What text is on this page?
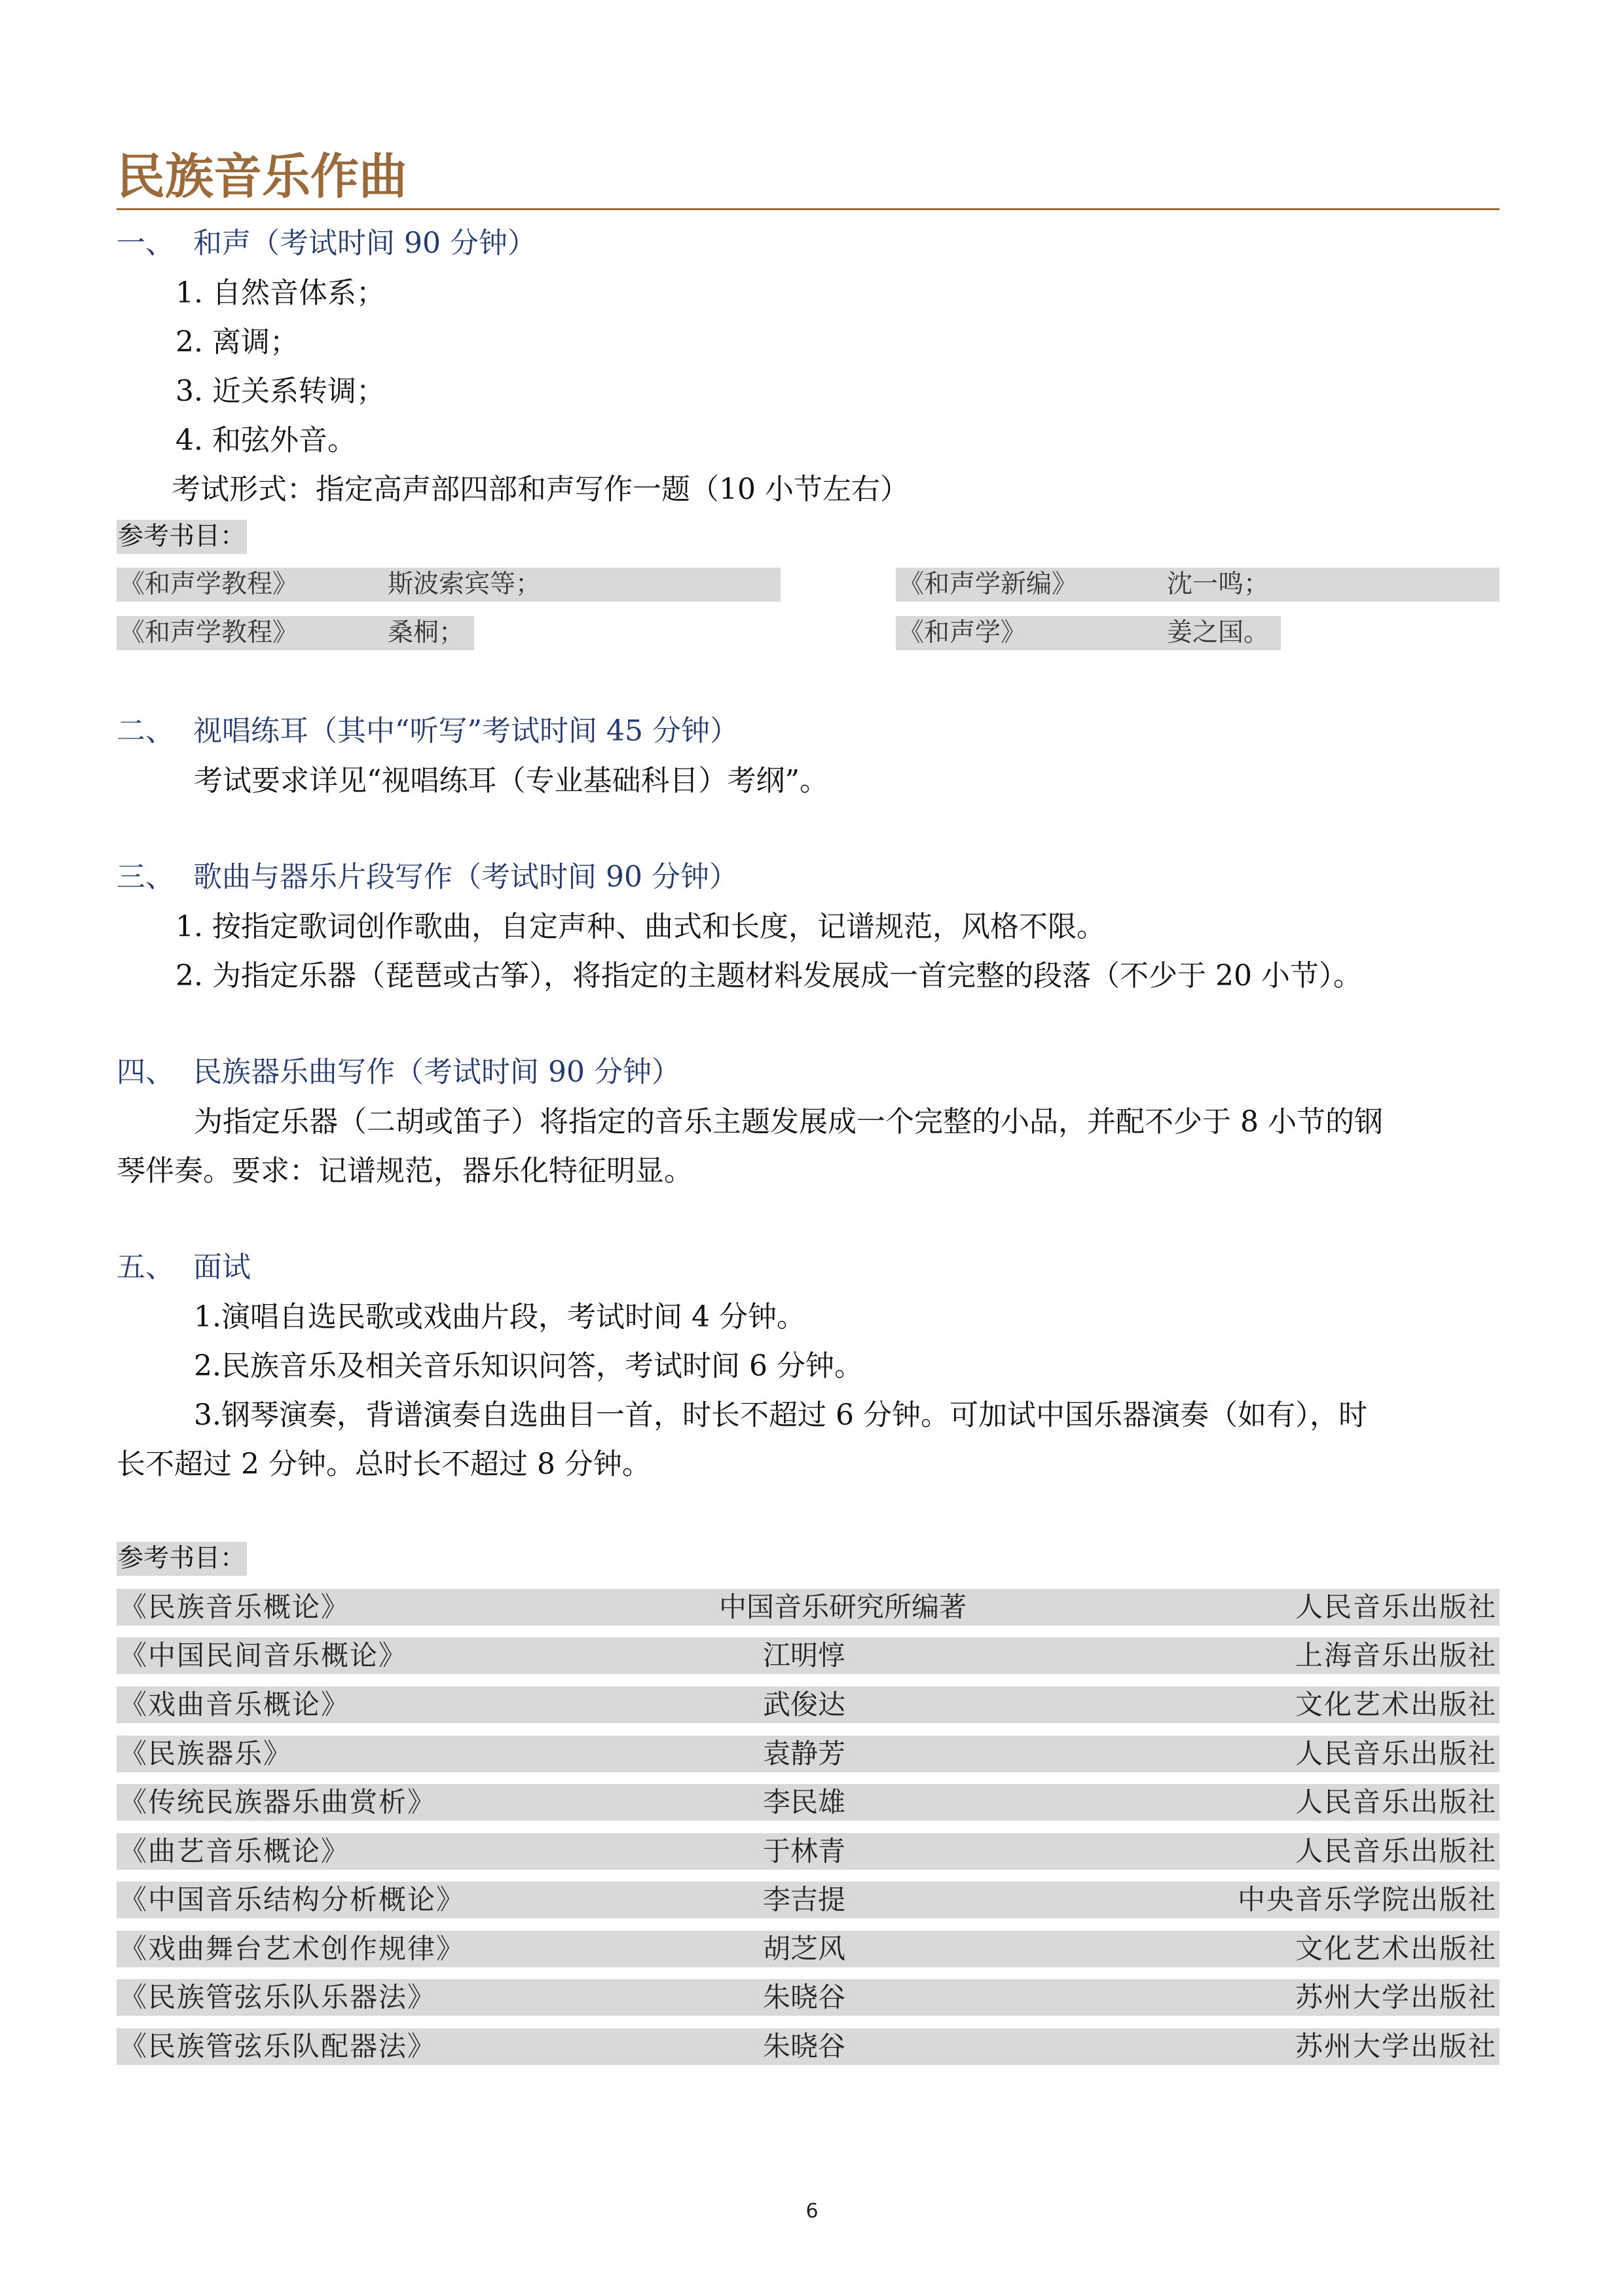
民族音乐作曲
一、 和声（考试时间 90 分钟）
1. 自然音体系；
2. 离调；
3. 近关系转调；
4. 和弦外音。
考试形式：指定高声部四部和声写作一题（10 小节左右）
参考书目：
《和声学教程》	斯波索宾等；	《和声学新编》	沈一鸣；
《和声学教程》	桑桐；	《和声学》	姜之国。
二、 视唱练耳（其中“听写”考试时间 45 分钟）
考试要求详见“视唱练耳（专业基础科目）考纲”。
三、 歌曲与器乐片段写作（考试时间 90 分钟）
1. 按指定歌词创作歌曲，自定声种、曲式和长度，记谱规范，风格不限。
2. 为指定乐器（琵琶或古筝），将指定的主题材料发展成一首完整的段落（不少于 20 小节）。
四、 民族器乐曲写作（考试时间 90 分钟）
为指定乐器（二胡或笛子）将指定的音乐主题发展成一个完整的小品，并配不少于 8 小节的钢
琴伴奏。要求：记谱规范，器乐化特征明显。
五、 面试
1.演唱自选民歌或戏曲片段，考试时间 4 分钟。
2.民族音乐及相关音乐知识问答，考试时间 6 分钟。
3.钢琴演奏，背谱演奏自选曲目一首，时长不超过 6 分钟。可加试中国乐器演奏（如有），时
长不超过 2 分钟。总时长不超过 8 分钟。
参考书目：
《民族音乐概论》	中国音乐研究所编著	人民音乐出版社
《中国民间音乐概论》	江明惇	上海音乐出版社
《戏曲音乐概论》	武俊达	文化艺术出版社
《民族器乐》	袁静芳	人民音乐出版社
《传统民族器乐曲赏析》	李民雄	人民音乐出版社
《曲艺音乐概论》	于林青	人民音乐出版社
《中国音乐结构分析概论》	李吉提	中央音乐学院出版社
《戏曲舞台艺术创作规律》	胡芝风	文化艺术出版社
《民族管弦乐队乐器法》	朱晓谷	苏州大学出版社
《民族管弦乐队配器法》	朱晓谷	苏州大学出版社
6
